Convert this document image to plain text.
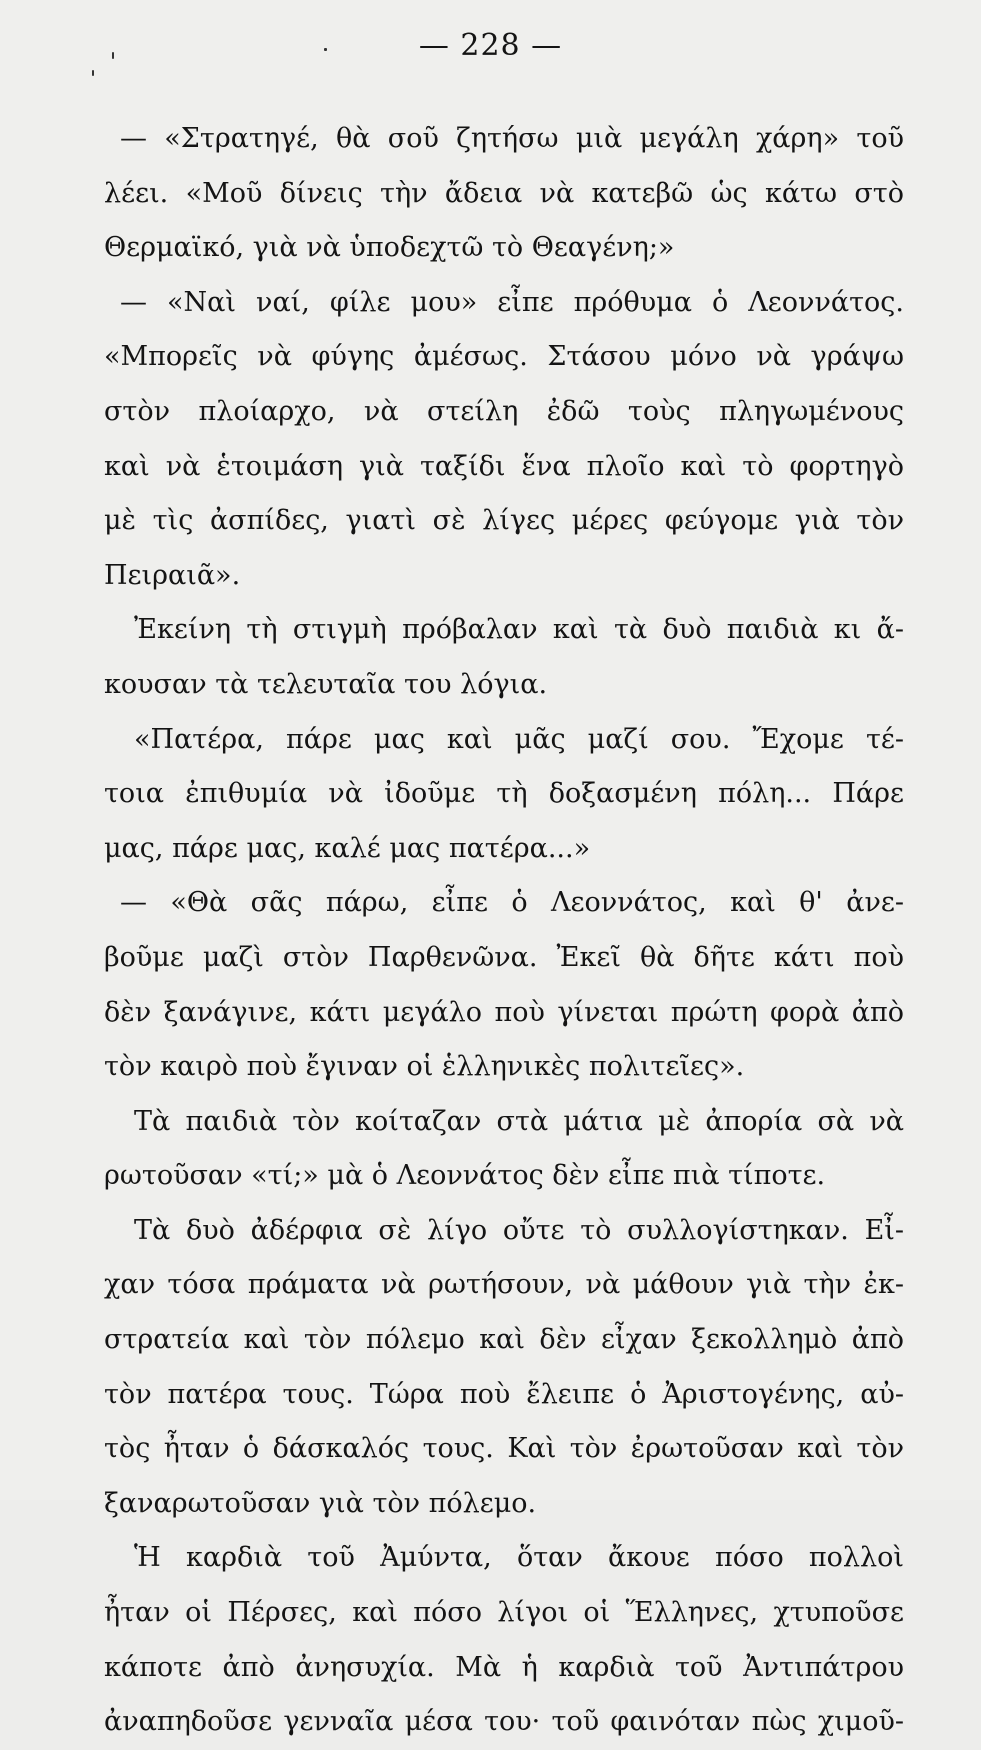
— 228 —
— «Στρατηγέ, θὰ σοῦ ζητήσω μιὰ μεγάλη χάρη» τοῦ
λέει. «Μοῦ δίνεις τὴν ἄδεια νὰ κατεβῶ ὡς κάτω στὸ
Θερμαϊκό, γιὰ νὰ ὑποδεχτῶ τὸ Θεαγένη;»
— «Ναὶ ναί, φίλε μου» εἶπε πρόθυμα ὁ Λεοννάτος.
«Μπορεῖς νὰ φύγης ἀμέσως. Στάσου μόνο νὰ γράψω
στὸν πλοίαρχο, νὰ στείλη ἐδῶ τοὺς πληγωμένους
καὶ νὰ ἑτοιμάση γιὰ ταξίδι ἕνα πλοῖο καὶ τὸ φορτηγὸ
μὲ τὶς ἀσπίδες, γιατὶ σὲ λίγες μέρες φεύγομε γιὰ τὸν
Πειραιᾶ».
Ἐκείνη τὴ στιγμὴ πρόβαλαν καὶ τὰ δυὸ παιδιὰ κι ἄ-
κουσαν τὰ τελευταῖα του λόγια.
«Πατέρα, πάρε μας καὶ μᾶς μαζί σου. Ἔχομε τέ-
τοια ἐπιθυμία νὰ ἰδοῦμε τὴ δοξασμένη πόλη... Πάρε
μας, πάρε μας, καλέ μας πατέρα...»
— «Θὰ σᾶς πάρω, εἶπε ὁ Λεοννάτος, καὶ θ' ἀνε-
βοῦμε μαζὶ στὸν Παρθενῶνα. Ἐκεῖ θὰ δῆτε κάτι ποὺ
δὲν ξανάγινε, κάτι μεγάλο ποὺ γίνεται πρώτη φορὰ ἀπὸ
τὸν καιρὸ ποὺ ἔγιναν οἱ ἑλληνικὲς πολιτεῖες».
Τὰ παιδιὰ τὸν κοίταζαν στὰ μάτια μὲ ἀπορία σὰ νὰ
ρωτοῦσαν «τί;» μὰ ὁ Λεοννάτος δὲν εἶπε πιὰ τίποτε.
Τὰ δυὸ ἀδέρφια σὲ λίγο οὔτε τὸ συλλογίστηκαν. Εἶ-
χαν τόσα πράματα νὰ ρωτήσουν, νὰ μάθουν γιὰ τὴν ἐκ-
στρατεία καὶ τὸν πόλεμο καὶ δὲν εἶχαν ξεκολλημὸ ἀπὸ
τὸν πατέρα τους. Τώρα ποὺ ἔλειπε ὁ Ἀριστογένης, αὐ-
τὸς ἦταν ὁ δάσκαλός τους. Καὶ τὸν ἐρωτοῦσαν καὶ τὸν
ξαναρωτοῦσαν γιὰ τὸν πόλεμο.
Ἡ καρδιὰ τοῦ Ἀμύντα, ὅταν ἄκουε πόσο πολλοὶ
ἦταν οἱ Πέρσες, καὶ πόσο λίγοι οἱ Ἕλληνες, χτυποῦσε
κάποτε ἀπὸ ἀνησυχία. Μὰ ἡ καρδιὰ τοῦ Ἀντιπάτρου
ἀναπηδοῦσε γενναῖα μέσα του· τοῦ φαινόταν πὼς χιμοῦ-
